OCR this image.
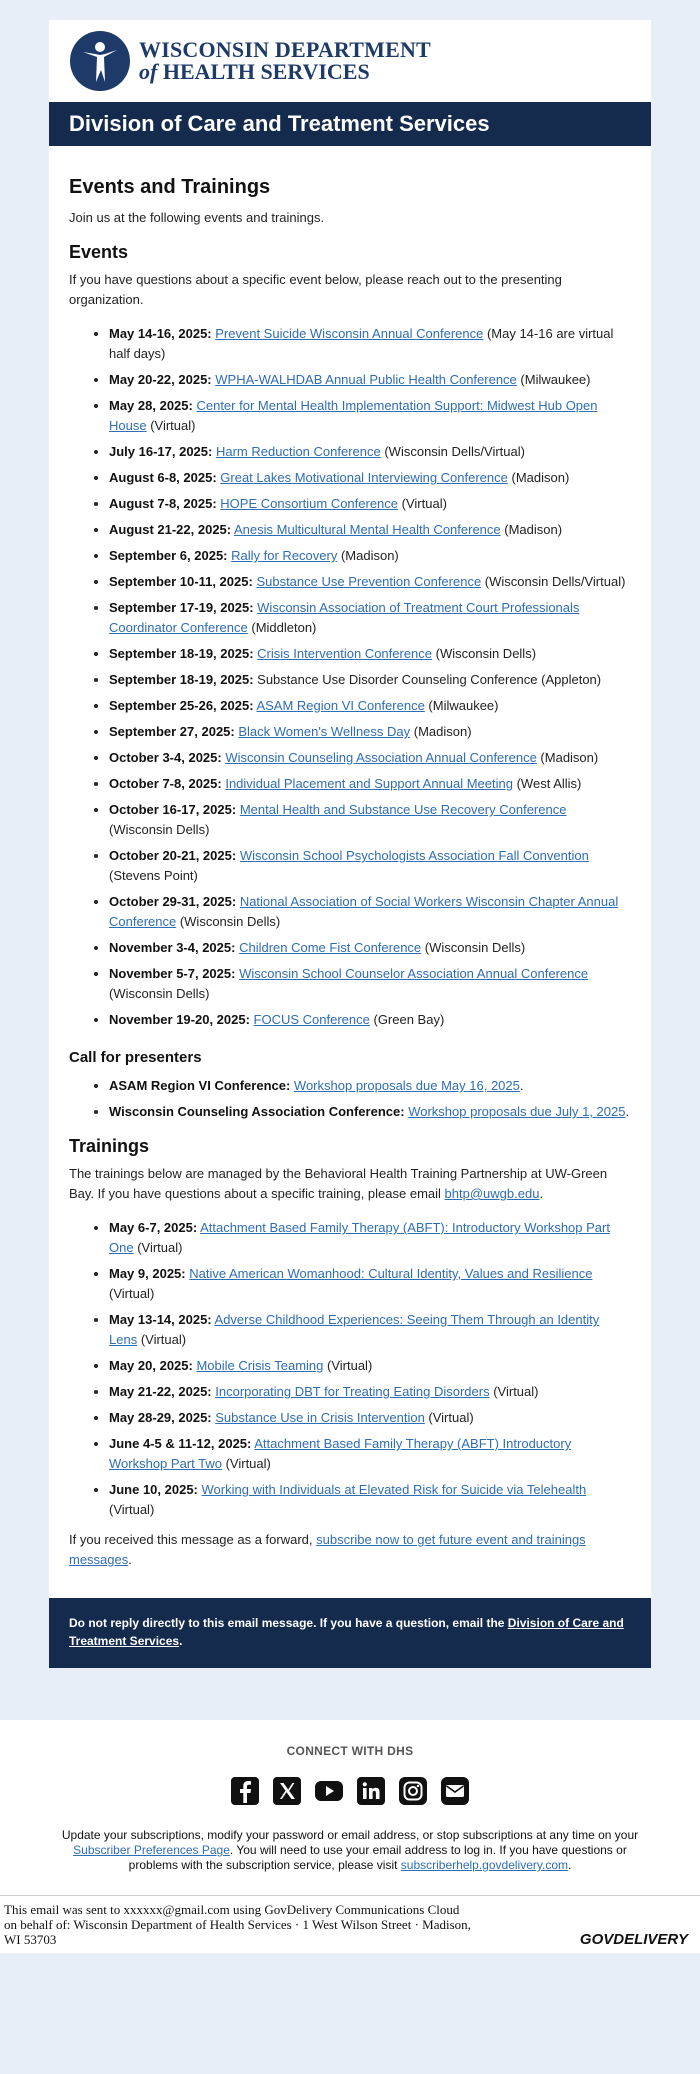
WISCONSIN DEPARTMENT
of HEALTH SERVICES
Division of Care and Treatment Services
Events and Trainings

Join us at the following events and trainings.

Events

If you have questions about a specific event below, please reach out to the presenting organization.

• May 14-16, 2025: Prevent Suicide Wisconsin Annual Conference (May 14-16 are virtual half days)
• May 20-22, 2025: WPHA-WALHDAB Annual Public Health Conference (Milwaukee)
• May 28, 2025: Center for Mental Health Implementation Support: Midwest Hub Open House (Virtual)
• July 16-17, 2025: Harm Reduction Conference (Wisconsin Dells/Virtual)
• August 6-8, 2025: Great Lakes Motivational Interviewing Conference (Madison)
• August 7-8, 2025: HOPE Consortium Conference (Virtual)
• August 21-22, 2025: Anesis Multicultural Mental Health Conference (Madison)
• September 6, 2025: Rally for Recovery (Madison)
• September 10-11, 2025: Substance Use Prevention Conference (Wisconsin Dells/Virtual)
• September 17-19, 2025: Wisconsin Association of Treatment Court Professionals Coordinator Conference (Middleton)
• September 18-19, 2025: Crisis Intervention Conference (Wisconsin Dells)
• September 18-19, 2025: Substance Use Disorder Counseling Conference (Appleton)
• September 25-26, 2025: ASAM Region VI Conference (Milwaukee)
• September 27, 2025: Black Women's Wellness Day (Madison)
• October 3-4, 2025: Wisconsin Counseling Association Annual Conference (Madison)
• October 7-8, 2025: Individual Placement and Support Annual Meeting (West Allis)
• October 16-17, 2025: Mental Health and Substance Use Recovery Conference (Wisconsin Dells)
• October 20-21, 2025: Wisconsin School Psychologists Association Fall Convention (Stevens Point)
• October 29-31, 2025: National Association of Social Workers Wisconsin Chapter Annual Conference (Wisconsin Dells)
• November 3-4, 2025: Children Come Fist Conference (Wisconsin Dells)
• November 5-7, 2025: Wisconsin School Counselor Association Annual Conference (Wisconsin Dells)
• November 19-20, 2025: FOCUS Conference (Green Bay)
Call for presenters
• ASAM Region VI Conference: Workshop proposals due May 16, 2025.
• Wisconsin Counseling Association Conference: Workshop proposals due July 1, 2025.
Trainings

The trainings below are managed by the Behavioral Health Training Partnership at UW-Green Bay. If you have questions about a specific training, please email bhtp@uwgb.edu.

• May 6-7, 2025: Attachment Based Family Therapy (ABFT): Introductory Workshop Part One (Virtual)
• May 9, 2025: Native American Womanhood: Cultural Identity, Values and Resilience (Virtual)
• May 13-14, 2025: Adverse Childhood Experiences: Seeing Them Through an Identity Lens (Virtual)
• May 20, 2025: Mobile Crisis Teaming (Virtual)
• May 21-22, 2025: Incorporating DBT for Treating Eating Disorders (Virtual)
• May 28-29, 2025: Substance Use in Crisis Intervention (Virtual)
• June 4-5 & 11-12, 2025: Attachment Based Family Therapy (ABFT) Introductory Workshop Part Two (Virtual)
• June 10, 2025: Working with Individuals at Elevated Risk for Suicide via Telehealth (Virtual)

If you received this message as a forward, subscribe now to get future event and trainings messages.

Do not reply directly to this email message. If you have a question, email the Division of Care and Treatment Services.
CONNECT WITH DHS
Update your subscriptions, modify your password or email address, or stop subscriptions at any time on your Subscriber Preferences Page. You will need to use your email address to log in. If you have questions or problems with the subscription service, please visit subscriberhelp.govdelivery.com.
This email was sent to xxxxxx@gmail.com using GovDelivery Communications Cloud
on behalf of: Wisconsin Department of Health Services · 1 West Wilson Street · Madison,
WI 53703	GOVDELIVERY
